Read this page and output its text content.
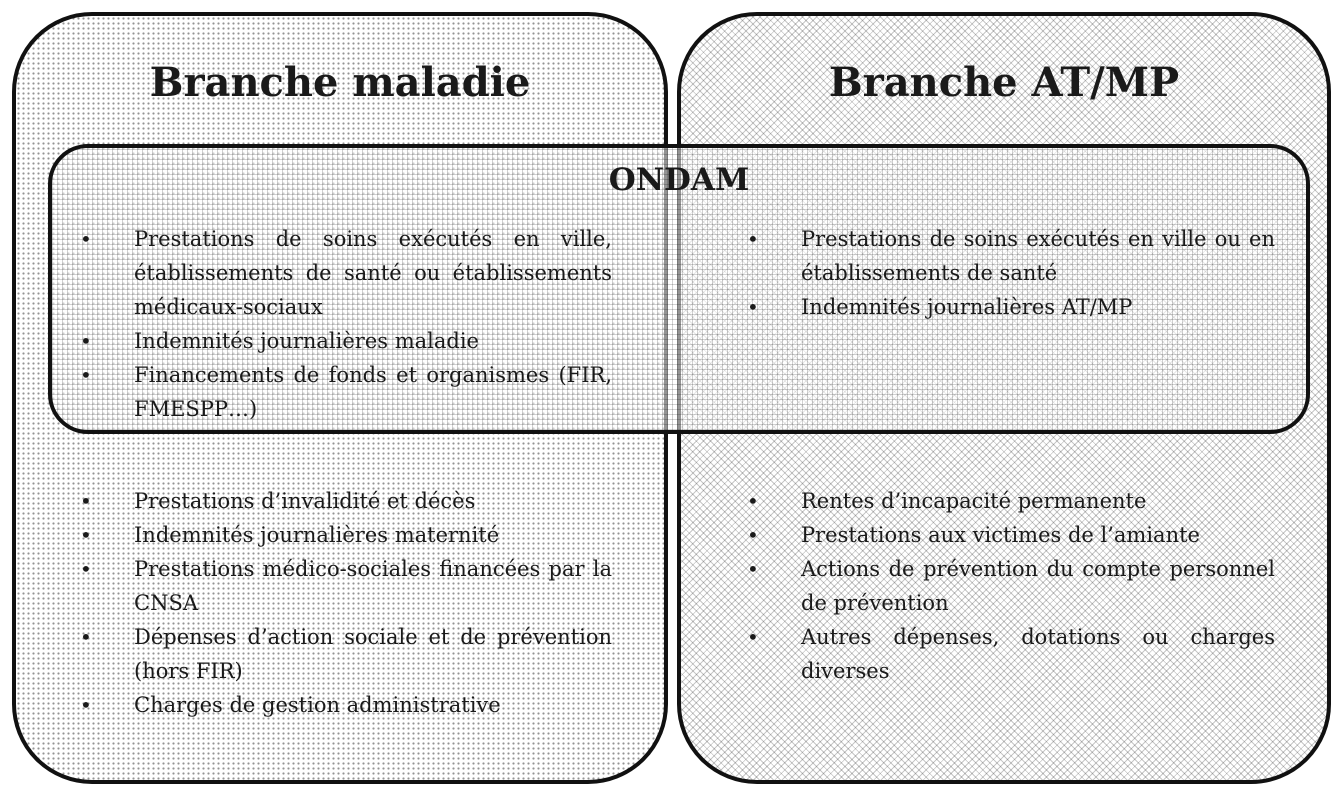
Branche maladie	Branche AT/MP
ONDAM
• Prestations de soins exécutés en ville, établissements de santé ou établissements médicaux-sociaux
• Indemnités journalières maladie
• Financements de fonds et organismes (FIR, FMESPP…)
• Prestations de soins exécutés en ville ou en établissements de santé
• Indemnités journalières AT/MP
• Prestations d’invalidité et décès
• Indemnités journalières maternité
• Prestations médico-sociales financées par la CNSA
• Dépenses d’action sociale et de prévention (hors FIR)
• Charges de gestion administrative
• Rentes d’incapacité permanente
• Prestations aux victimes de l’amiante
• Actions de prévention du compte personnel de prévention
• Autres dépenses, dotations ou charges diverses
